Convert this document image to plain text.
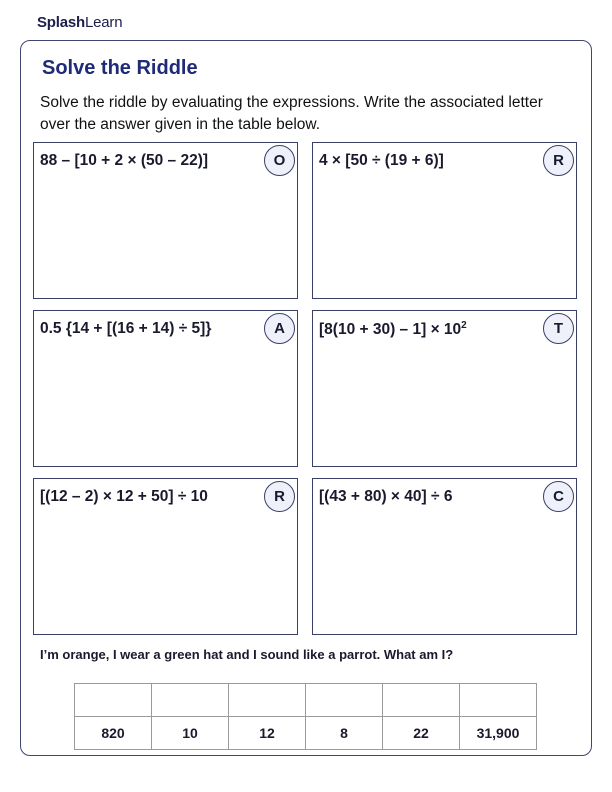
SplashLearn
Solve the Riddle
Solve the riddle by evaluating the expressions. Write the associated letter over the answer given in the table below.
88 – [10 + 2 × (50 – 22)]	O	4 × [50 ÷ (19 + 6)]	R
0.5 {14 + [(16 + 14) ÷ 5]}	A	$[8(10 + 30) - 1] \times 10^2$	T
[(12 – 2) × 12 + 50] ÷ 10	R	[(43 + 80) × 40] ÷ 6	C
I’m orange, I wear a green hat and I sound like a parrot. What am I?

820	10	12	8	22	31,900
